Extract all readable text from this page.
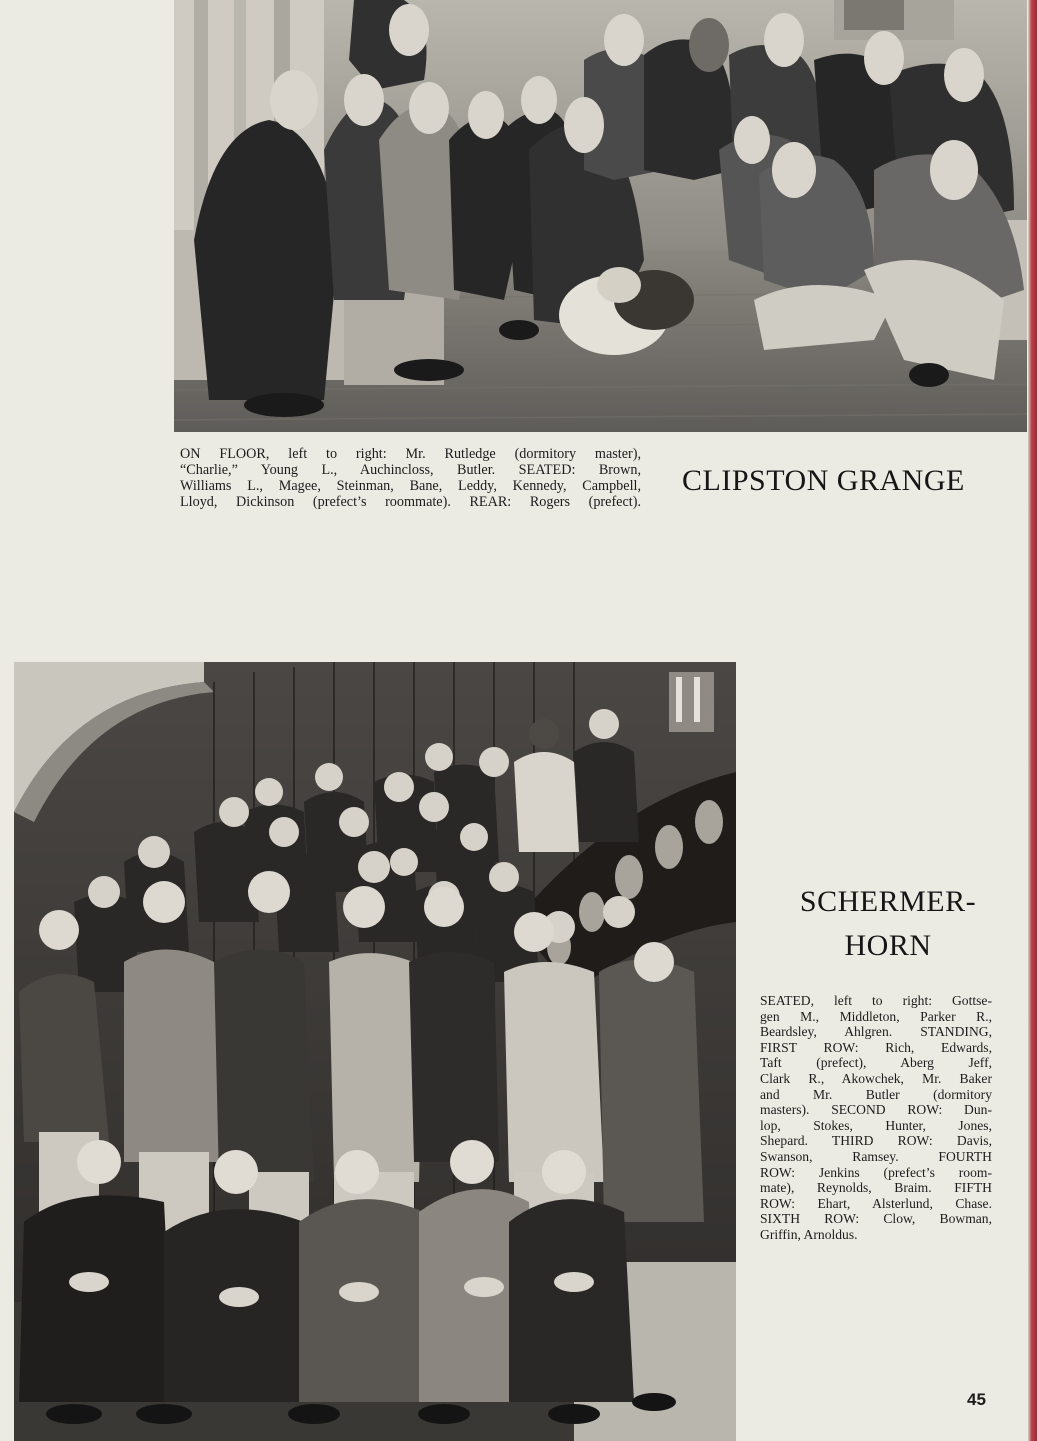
ON FLOOR, left to right: Mr. Rutledge (dormitory master),
“Charlie,” Young L., Auchincloss, Butler. SEATED: Brown,
Williams L., Magee, Steinman, Bane, Leddy, Kennedy, Campbell,
Lloyd, Dickinson (prefect’s roommate). REAR: Rogers (prefect).

CLIPSTON GRANGE
SCHERMER-
HORN

SEATED, left to right: Gottse-
gen M., Middleton, Parker R.,
Beardsley, Ahlgren. STANDING,
FIRST ROW: Rich, Edwards,
Taft (prefect), Aberg Jeff,
Clark R., Akowchek, Mr. Baker
and Mr. Butler (dormitory
masters). SECOND ROW: Dun-
lop, Stokes, Hunter, Jones,
Shepard. THIRD ROW: Davis,
Swanson, Ramsey. FOURTH
ROW: Jenkins (prefect’s room-
mate), Reynolds, Braim. FIFTH
ROW: Ehart, Alsterlund, Chase.
SIXTH ROW: Clow, Bowman,
Griffin, Arnoldus.

45
